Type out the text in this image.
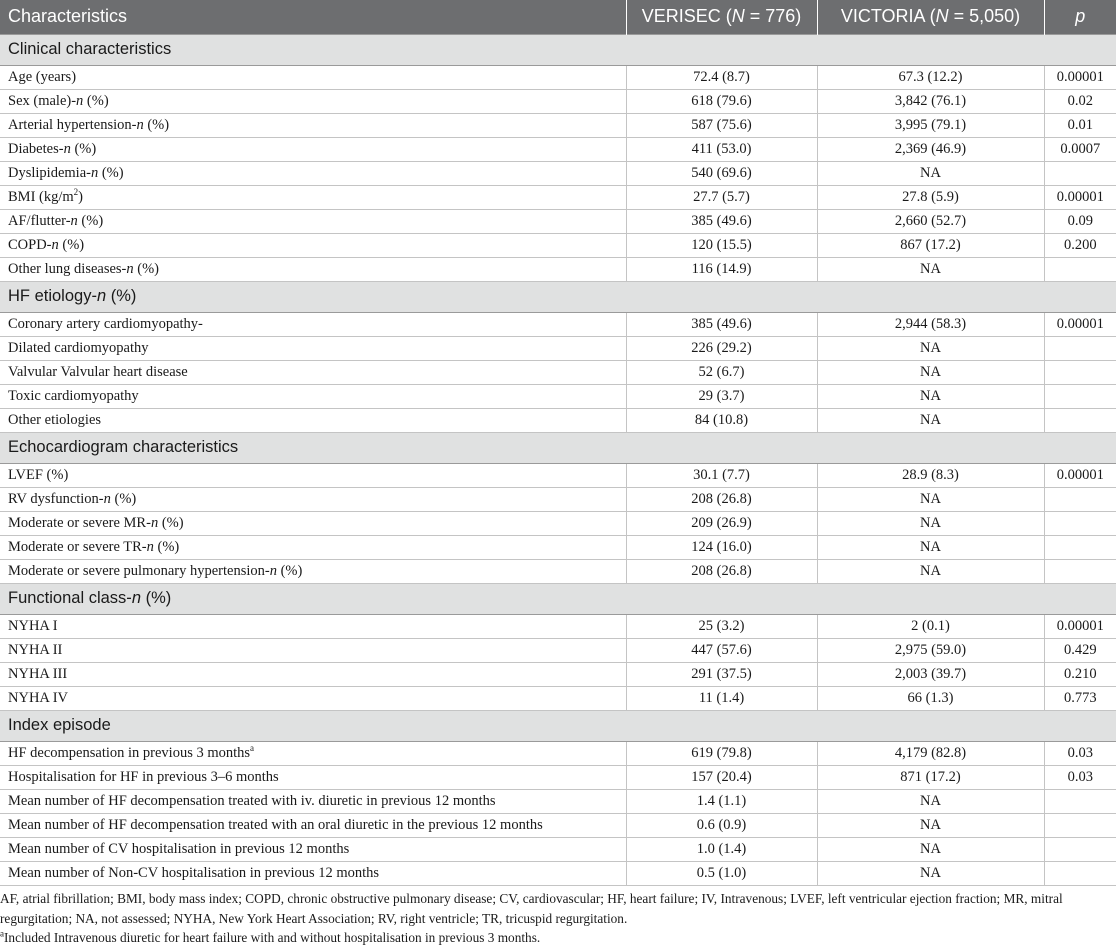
Characteristics	VERISEC (N = 776)	VICTORIA (N = 5,050)	p
Clinical characteristics			
Age (years)	72.4 (8.7)	67.3 (12.2)	0.00001
Sex (male)-n (%)	618 (79.6)	3,842 (76.1)	0.02
Arterial hypertension-n (%)	587 (75.6)	3,995 (79.1)	0.01
Diabetes-n (%)	411 (53.0)	2,369 (46.9)	0.0007
Dyslipidemia-n (%)	540 (69.6)	NA	
BMI $(kg/m^2)$	27.7 (5.7)	27.8 (5.9)	0.00001
AF/flutter-n (%)	385 (49.6)	2,660 (52.7)	0.09
COPD-n (%)	120 (15.5)	867 (17.2)	0.200
Other lung diseases-n (%)	116 (14.9)	NA	
HF etiology-n (%)			
Coronary artery cardiomyopathy-	385 (49.6)	2,944 (58.3)	0.00001
Dilated cardiomyopathy	226 (29.2)	NA	
Valvular Valvular heart disease	52 (6.7)	NA	
Toxic cardiomyopathy	29 (3.7)	NA	
Other etiologies	84 (10.8)	NA	
Echocardiogram characteristics			
LVEF (%)	30.1 (7.7)	28.9 (8.3)	0.00001
RV dysfunction-n (%)	208 (26.8)	NA	
Moderate or severe MR-n (%)	209 (26.9)	NA	
Moderate or severe TR-n (%)	124 (16.0)	NA	
Moderate or severe pulmonary hypertension-n (%)	208 (26.8)	NA	
Functional class-n (%)			
NYHA I	25 (3.2)	2 (0.1)	0.00001
NYHA II	447 (57.6)	2,975 (59.0)	0.429
NYHA III	291 (37.5)	2,003 (39.7)	0.210
NYHA IV	11 (1.4)	66 (1.3)	0.773
Index episode			
HF decompensation in previous 3 months$^a$	619 (79.8)	4,179 (82.8)	0.03
Hospitalisation for HF in previous 3–6 months	157 (20.4)	871 (17.2)	0.03
Mean number of HF decompensation treated with iv. diuretic in previous 12 months	1.4 (1.1)	NA	
Mean number of HF decompensation treated with an oral diuretic in the previous 12 months	0.6 (0.9)	NA	
Mean number of CV hospitalisation in previous 12 months	1.0 (1.4)	NA	
Mean number of Non-CV hospitalisation in previous 12 months	0.5 (1.0)	NA	

AF, atrial fibrillation; BMI, body mass index; COPD, chronic obstructive pulmonary disease; CV, cardiovascular; HF, heart failure; IV, Intravenous; LVEF, left ventricular ejection fraction; MR, mitral regurgitation; NA, not assessed; NYHA, New York Heart Association; RV, right ventricle; TR, tricuspid regurgitation.

$^a$Included Intravenous diuretic for heart failure with and without hospitalisation in previous 3 months.
